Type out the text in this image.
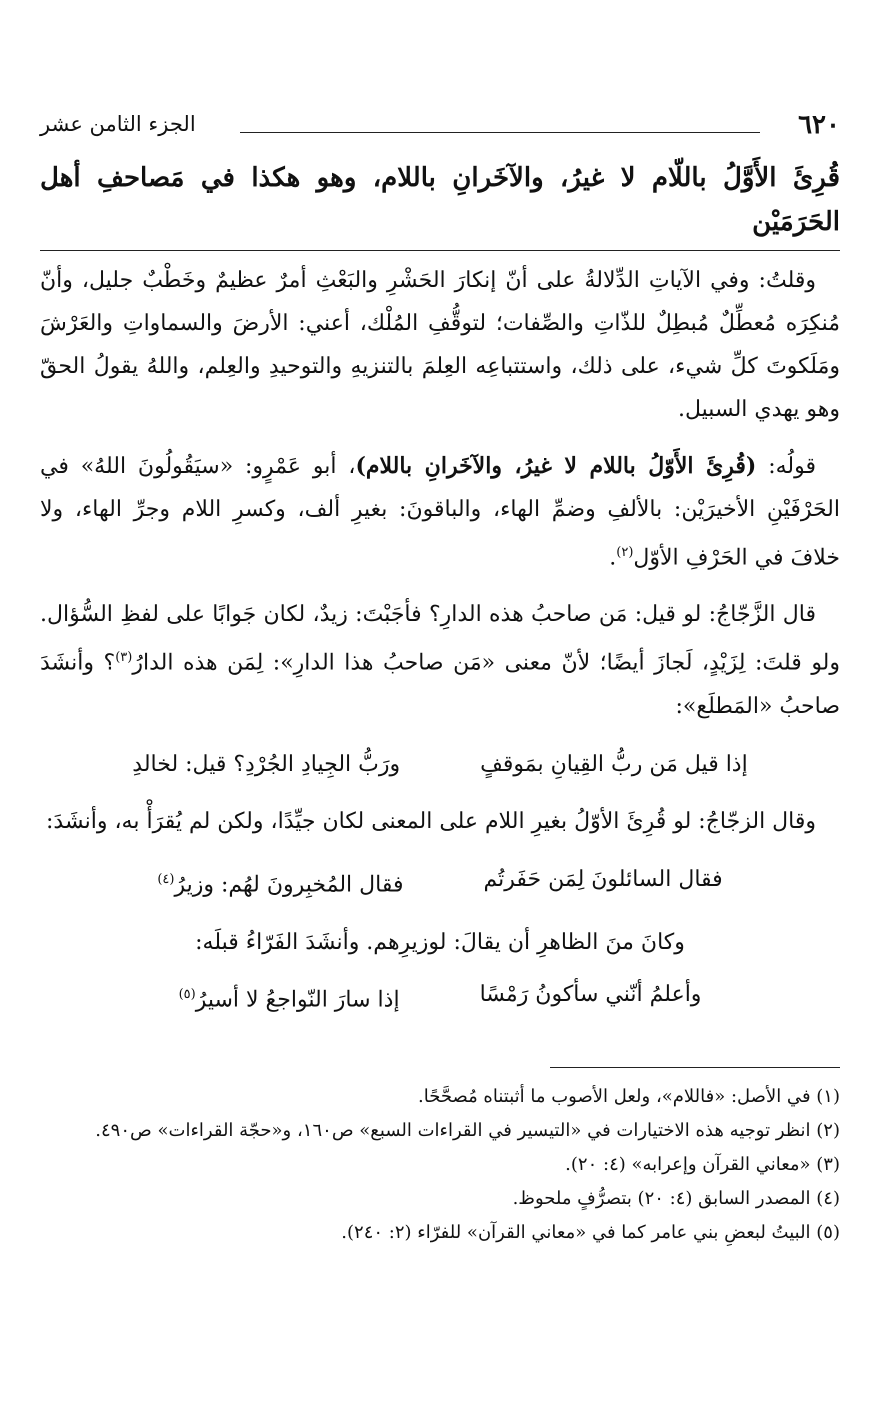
٦٢٠
الجزء الثامن عشر
قُرِئَ الأَوَّلُ باللّام لا غيرُ، والآخَرانِ باللام، وهو هكذا في مَصاحفِ أهل الحَرَمَيْن

وقلتُ: وفي الآياتِ الدِّلالةُ على أنّ إنكارَ الحَشْرِ والبَعْثِ أمرٌ عظيمٌ وخَطْبٌ جليل، وأنّ مُنكِرَه مُعطِّلٌ مُبطِلٌ للذّاتِ والصِّفات؛ لتوقُّفِ المُلْك، أعني: الأرضَ والسماواتِ والعَرْشَ ومَلَكوتَ كلِّ شيء، على ذلك، واستتباعِه العِلمَ بالتنزيهِ والتوحيدِ والعِلم، واللهُ يقولُ الحقّ وهو يهدي السبيل.

قولُه: (قُرِئَ الأَوّلُ باللام لا غيرُ، والآخَرانِ باللام)، أبو عَمْرٍو: «سيَقُولُونَ اللهُ» في الحَرْفَيْنِ الأخيرَيْن: بالألفِ وضمِّ الهاء، والباقونَ: بغيرِ ألف، وكسرِ اللام وجرِّ الهاء، ولا خلافَ في الحَرْفِ الأوّل$^{(٢)}$.

قال الزَّجّاجُ: لو قيل: مَن صاحبُ هذه الدارِ؟ فأجَبْتَ: زيدٌ، لكان جَوابًا على لفظِ السُّؤال. ولو قلتَ: لِزَيْدٍ، لَجازَ أيضًا؛ لأنّ معنى «مَن صاحبُ هذا الدارِ»: لِمَن هذه الدارُ$^{(٣)}$؟ وأنشَدَ صاحبُ «المَطلَع»:

إذا قيل مَن ربُّ القِيانِ بمَوقفٍ
ورَبُّ الجِيادِ الجُرْدِ؟ قيل: لخالدِ

وقال الزجّاجُ: لو قُرِئَ الأوّلُ بغيرِ اللام على المعنى لكان جيِّدًا، ولكن لم يُقرَأْ به، وأنشَدَ:

فقال السائلونَ لِمَن حَفَرتُم
فقال المُخبِرونَ لهُم: وزيرُ$^{(٤)}$
وكانَ منَ الظاهرِ أن يقالَ: لوزيرِهم. وأنشَدَ الفَرّاءُ قبلَه:
وأعلمُ أنّني سأكونُ رَمْسًا
إذا سارَ النّواجعُ لا أسيرُ$^{(٥)}$

(١) في الأصل: «فاللام»، ولعل الأصوب ما أثبتناه مُصحَّحًا.

(٢) انظر توجيه هذه الاختيارات في «التيسير في القراءات السبع» ص١٦٠، و«حجّة القراءات» ص٤٩٠.

(٣) «معاني القرآن وإعرابه» (٤: ٢٠).

(٤) المصدر السابق (٤: ٢٠) بتصرُّفٍ ملحوظ.

(٥) البيتُ لبعضِ بني عامر كما في «معاني القرآن» للفرّاء (٢: ٢٤٠).
